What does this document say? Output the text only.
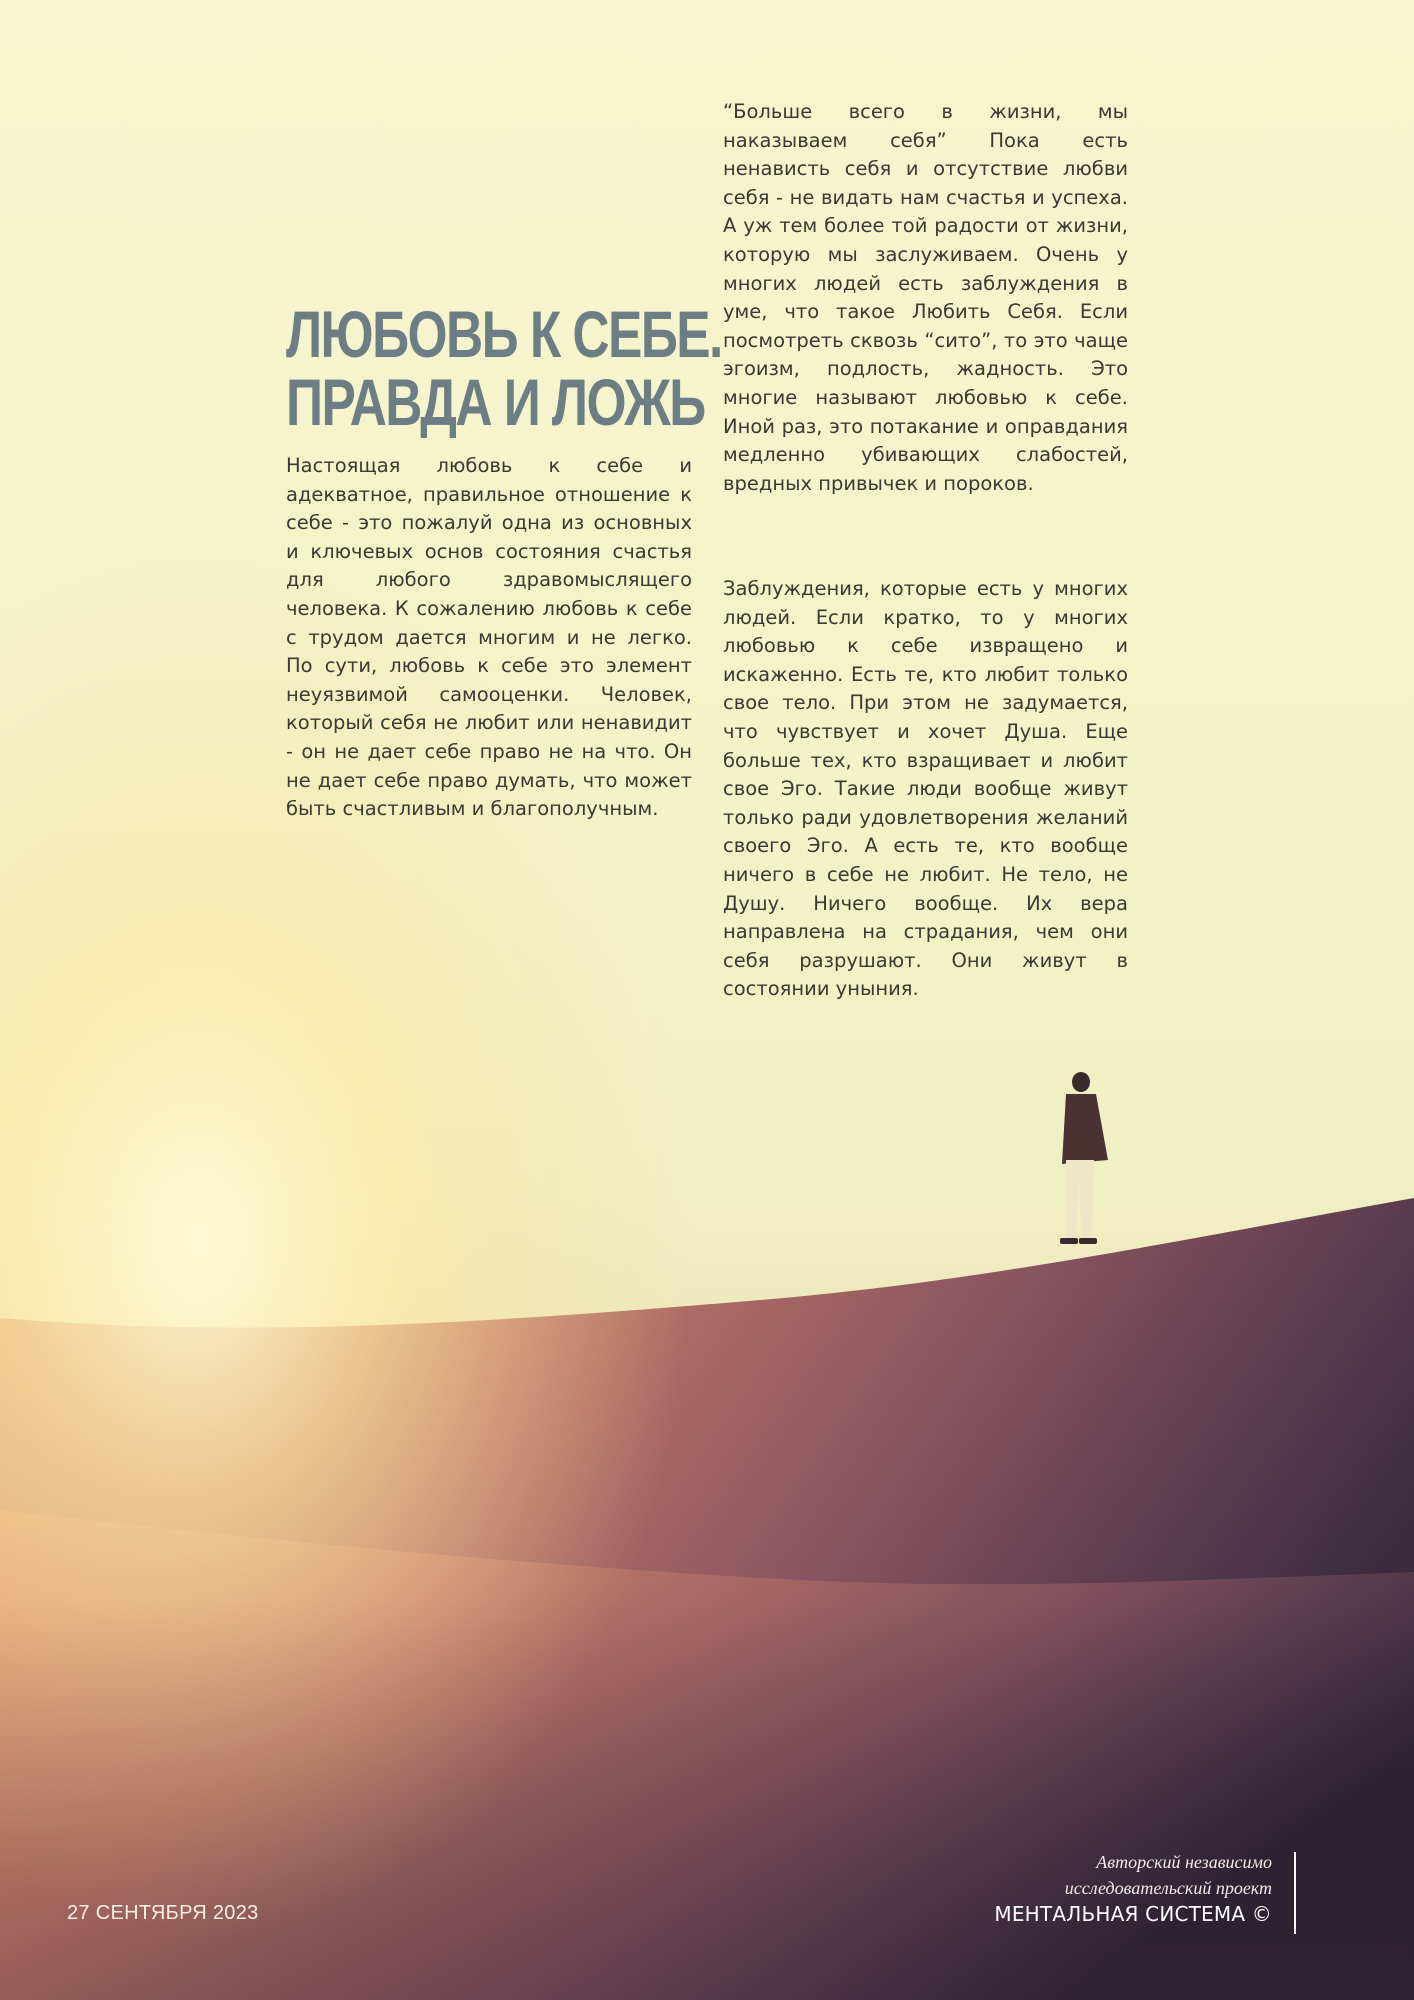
ЛЮБОВЬ К СЕБЕ.
ПРАВДА И ЛОЖЬ

Настоящая любовь к себе и адекватное, правильное отношение к себе - это пожалуй одна из основных и ключевых основ состояния счастья для любого здравомыслящего человека. К сожалению любовь к себе с трудом дается многим и не легко. По сути, любовь к себе это элемент неуязвимой самооценки. Человек, который себя не любит или ненавидит - он не дает себе право не на что. Он не дает себе право думать, что может быть счастливым и благополучным.

“Больше всего в жизни, мы наказываем себя” Пока есть ненависть себя и отсутствие любви себя - не видать нам счастья и успеха. А уж тем более той радости от жизни, которую мы заслуживаем. Очень у многих людей есть заблуждения в уме, что такое Любить Себя. Если посмотреть сквозь “сито”, то это чаще эгоизм, подлость, жадность. Это многие называют любовью к себе. Иной раз, это потакание и оправдания медленно убивающих слабостей, вредных привычек и пороков.

Заблуждения, которые есть у многих людей. Если кратко, то у многих любовью к себе извращено и искаженно. Есть те, кто любит только свое тело. При этом не задумается, что чувствует и хочет Душа. Еще больше тех, кто взращивает и любит свое Эго. Такие люди вообще живут только ради удовлетворения желаний своего Эго. А есть те, кто вообще ничего в себе не любит. Не тело, не Душу. Ничего вообще. Их вера направлена на страдания, чем они себя разрушают. Они живут в состоянии уныния.

27 СЕНТЯБРЯ 2023
Авторский независимо
исследовательский проект
МЕНТАЛЬНАЯ СИСТЕМА ©
